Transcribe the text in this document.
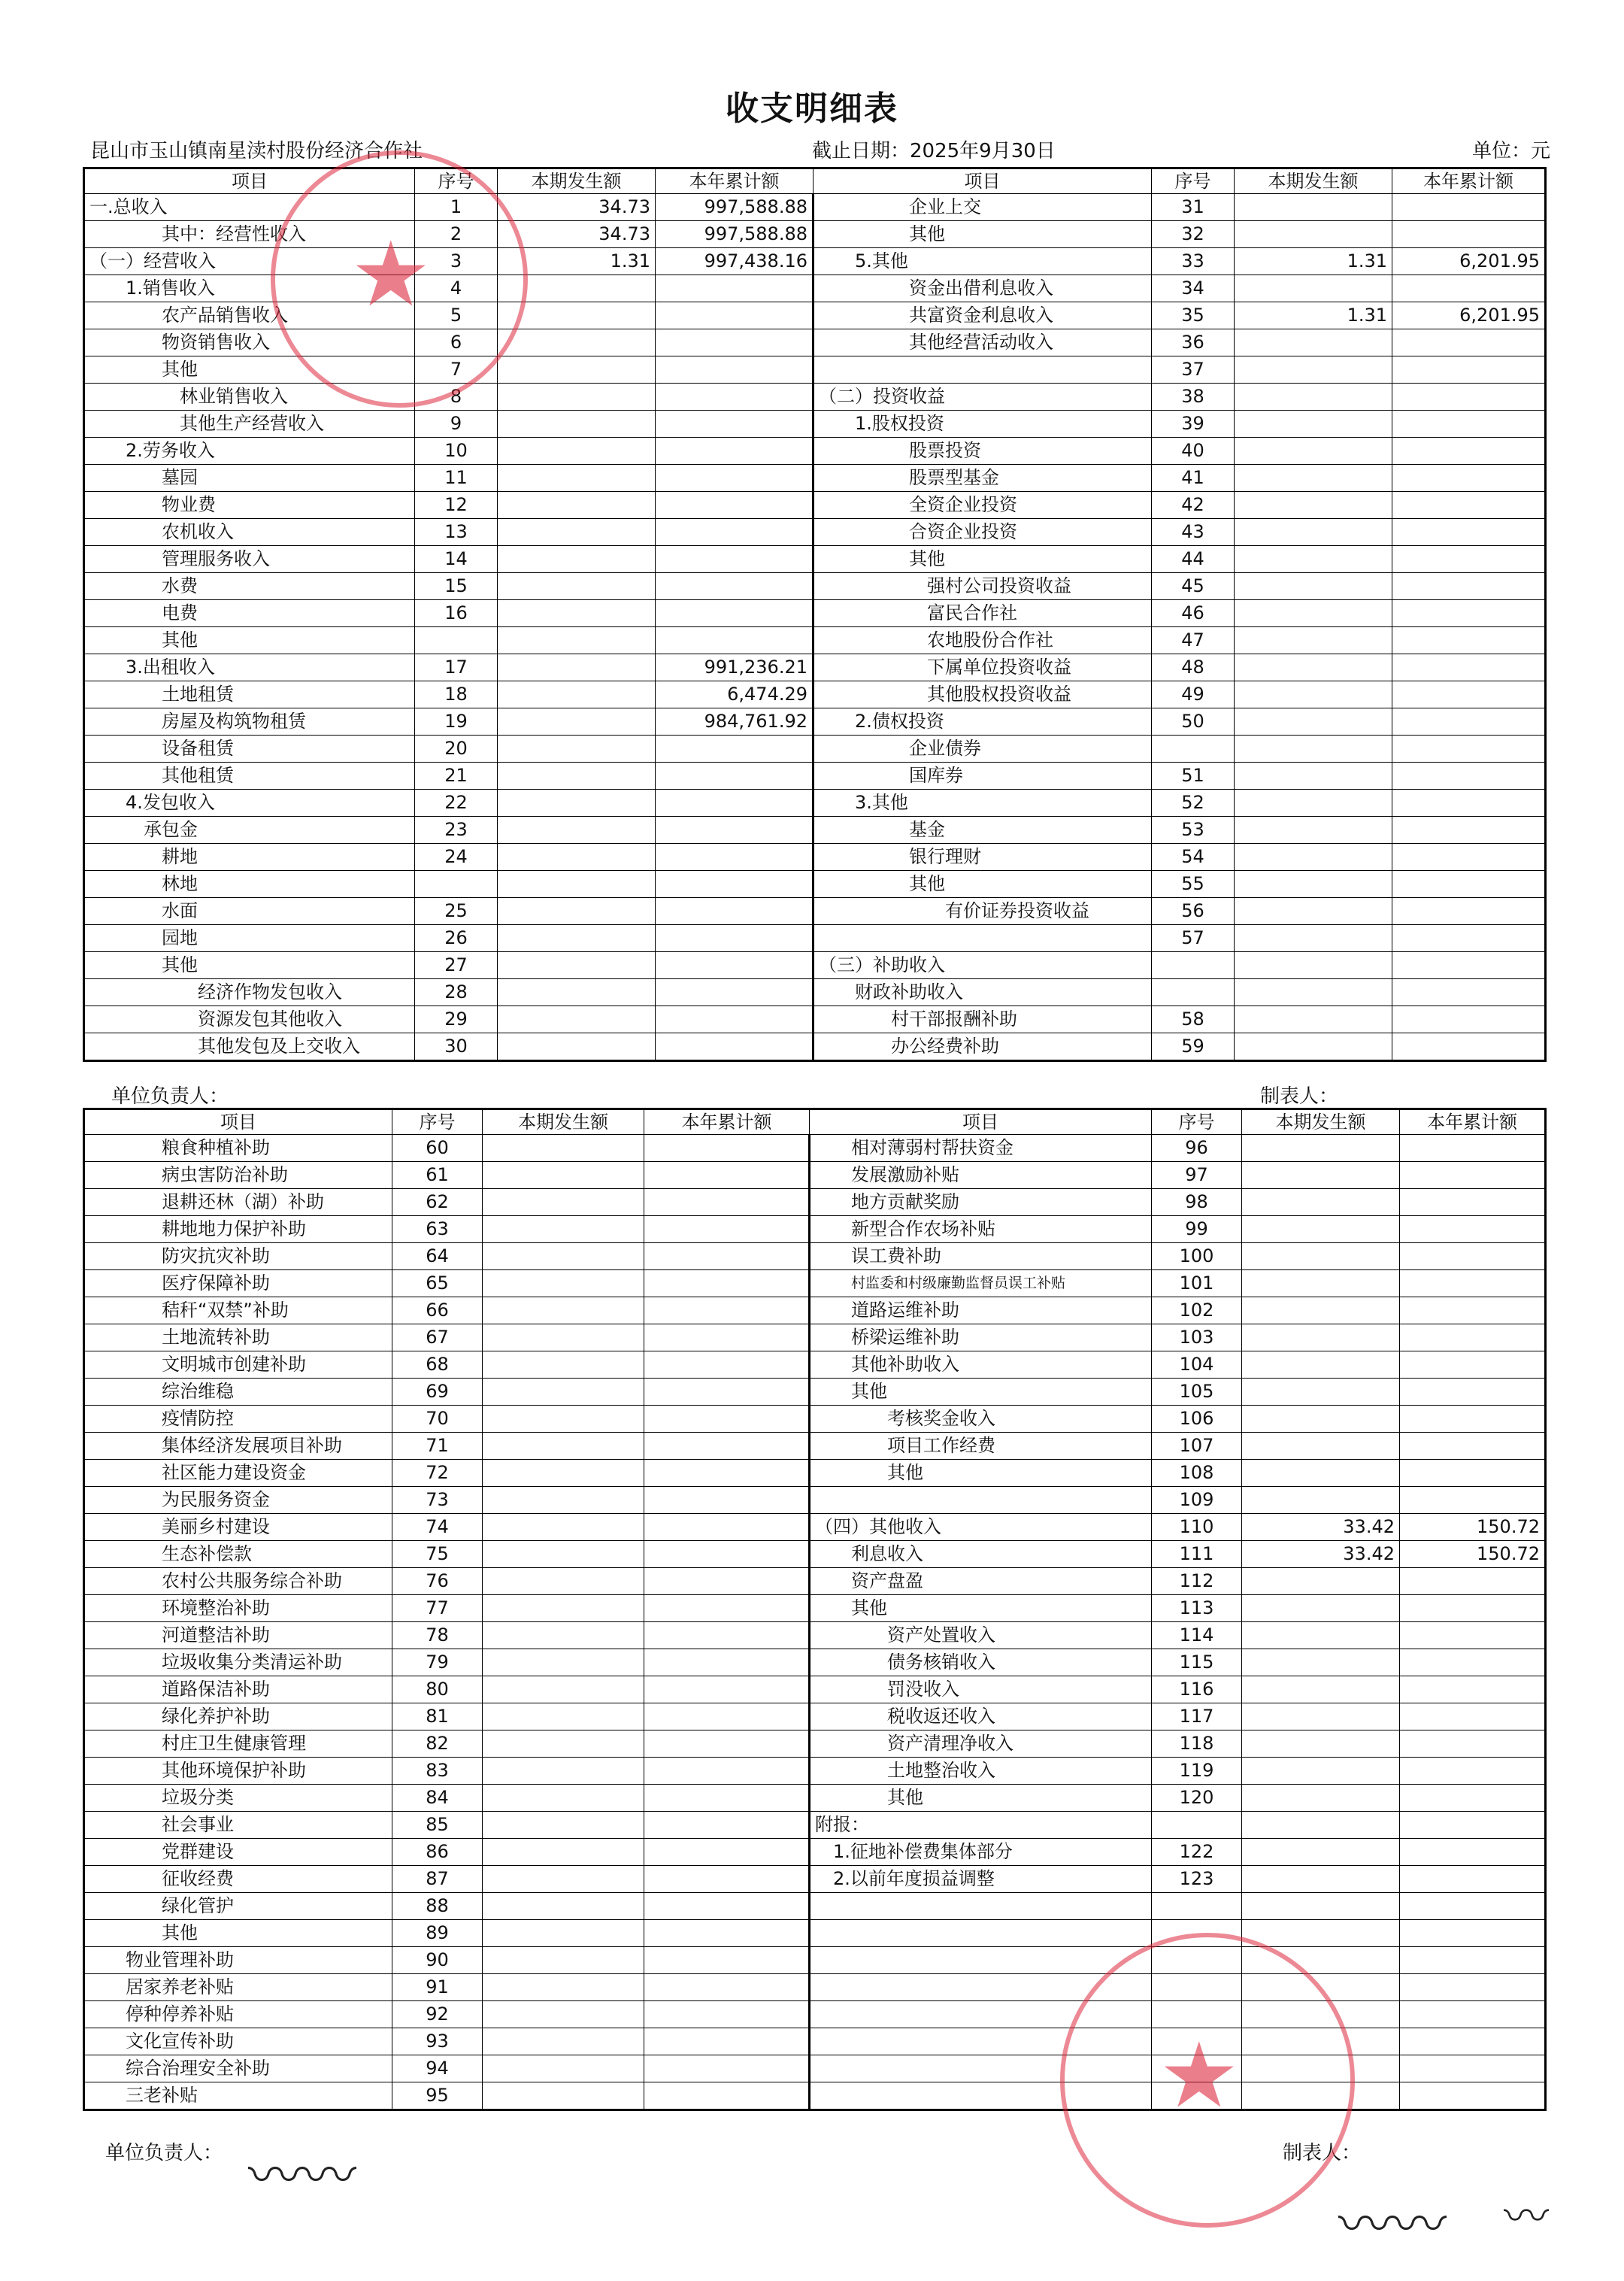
收支明细表
昆山市玉山镇南星渎村股份经济合作社	截止日期：2025年9月30日	单位：元
项目	序号	本期发生额	本年累计额	项目	序号	本期发生额	本年累计额
一.总收入	1	34.73	997,588.88	企业上交	31		
其中：经营性收入	2	34.73	997,588.88	其他	32		
（一）经营收入	3	1.31	997,438.16	5.其他	33	1.31	6,201.95
1.销售收入	4			资金出借利息收入	34		
农产品销售收入	5			共富资金利息收入	35	1.31	6,201.95
物资销售收入	6			其他经营活动收入	36		
其他	7				37		
林业销售收入	8			（二）投资收益	38		
其他生产经营收入	9			1.股权投资	39		
2.劳务收入	10			股票投资	40		
墓园	11			股票型基金	41		
物业费	12			全资企业投资	42		
农机收入	13			合资企业投资	43		
管理服务收入	14			其他	44		
水费	15			强村公司投资收益	45		
电费	16			富民合作社	46		
其他				农地股份合作社	47		
3.出租收入	17		991,236.21	下属单位投资收益	48		
土地租赁	18		6,474.29	其他股权投资收益	49		
房屋及构筑物租赁	19		984,761.92	2.债权投资	50		
设备租赁	20			企业债券			
其他租赁	21			国库券	51		
4.发包收入	22			3.其他	52		
承包金	23			基金	53		
耕地	24			银行理财	54		
林地				其他	55		
水面	25			有价证券投资收益	56		
园地	26				57		
其他	27			（三）补助收入			
经济作物发包收入	28			财政补助收入			
资源发包其他收入	29			村干部报酬补助	58		
其他发包及上交收入	30			办公经费补助	59		
单位负责人：	制表人：
项目	序号	本期发生额	本年累计额	项目	序号	本期发生额	本年累计额
粮食种植补助	60			相对薄弱村帮扶资金	96		
病虫害防治补助	61			发展激励补贴	97		
退耕还林（湖）补助	62			地方贡献奖励	98		
耕地地力保护补助	63			新型合作农场补贴	99		
防灾抗灾补助	64			误工费补助	100		
医疗保障补助	65			村监委和村级廉勤监督员误工补贴	101		
秸秆“双禁”补助	66			道路运维补助	102		
土地流转补助	67			桥梁运维补助	103		
文明城市创建补助	68			其他补助收入	104		
综治维稳	69			其他	105		
疫情防控	70			考核奖金收入	106		
集体经济发展项目补助	71			项目工作经费	107		
社区能力建设资金	72			其他	108		
为民服务资金	73				109		
美丽乡村建设	74			（四）其他收入	110	33.42	150.72
生态补偿款	75			利息收入	111	33.42	150.72
农村公共服务综合补助	76			资产盘盈	112		
环境整治补助	77			其他	113		
河道整洁补助	78			资产处置收入	114		
垃圾收集分类清运补助	79			债务核销收入	115		
道路保洁补助	80			罚没收入	116		
绿化养护补助	81			税收返还收入	117		
村庄卫生健康管理	82			资产清理净收入	118		
其他环境保护补助	83			土地整治收入	119		
垃圾分类	84			其他	120		
社会事业	85			附报：			
党群建设	86			1.征地补偿费集体部分	122		
征收经费	87			2.以前年度损益调整	123		
绿化管护	88						
其他	89						
物业管理补助	90						
居家养老补贴	91						
停种停养补贴	92						
文化宣传补助	93						
综合治理安全补助	94						
三老补贴	95						
单位负责人：	制表人：
★
★
〰〰
〰〰 〰
